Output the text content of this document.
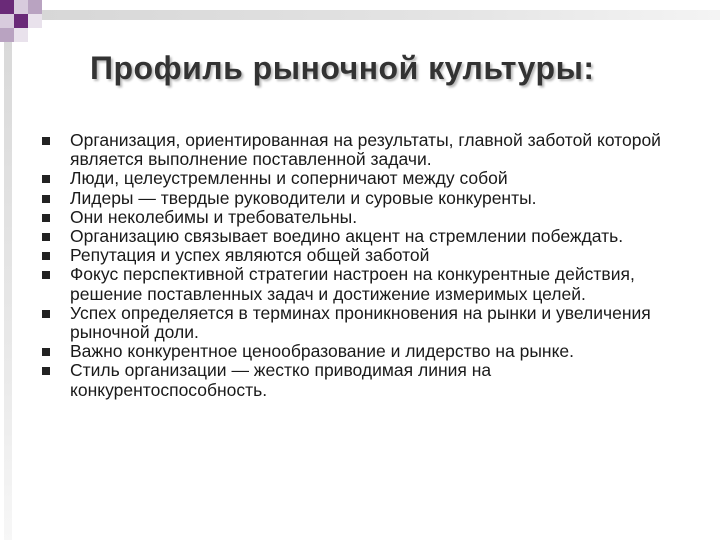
Профиль рыночной культуры:
Организация, ориентированная на результаты, главной заботой которой является выполнение поставленной задачи.
Люди, целеустремленны и соперничают между собой
Лидеры — твердые руководители и суровые конкуренты.
Они неколебимы и требовательны.
Организацию связывает воедино акцент на стремлении побеждать.
Репутация и успех являются общей заботой
Фокус перспективной стратегии настроен на конкурентные действия, решение поставленных задач и достижение измеримых целей.
Успех определяется в терминах проникновения на рынки и увеличения рыночной доли.
Важно конкурентное ценообразование и лидерство на рынке.
Стиль организации — жестко приводимая линия на конкурентоспособность.
